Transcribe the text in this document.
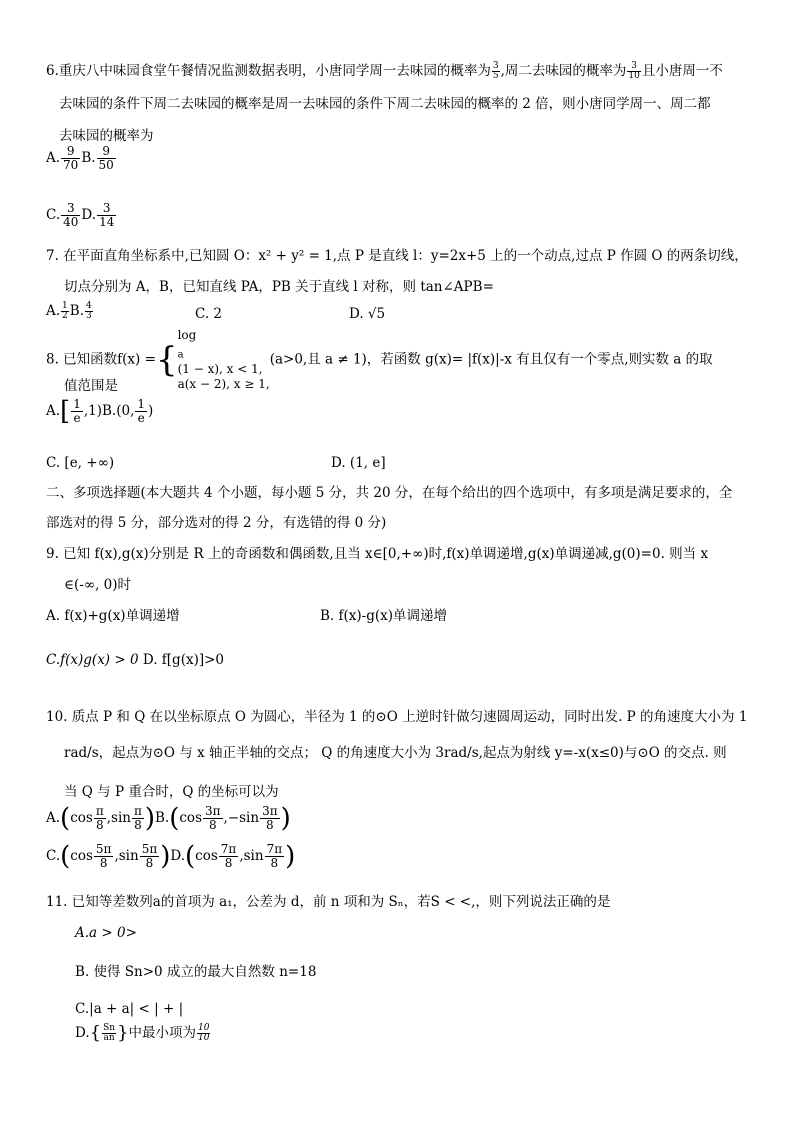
6.重庆八中味园食堂午餐情况监测数据表明，小唐同学周一去味园的概率为 $\frac{3}{5}$ ,周二去味园的概率为 $\frac{3}{10}$ 且小唐周一不
去味园的条件下周二去味园的概率是周一去味园的条件下周二去味园的概率的 2 倍，则小唐同学周一、周二都
去味园的概率为
A. $\frac{9}{70} B$. $\frac{9}{50}$
C. $\frac{3}{40} D$. $\frac{3}{14}$
7. 在平面直角坐标系中,已知圆 O：x² + y² = 1,点 P 是直线 l：y=2x+5 上的一个动点,过点 P 作圆 O 的两条切线，
切点分别为 A，B，已知直线 PA，PB 关于直线 l 对称，则 tan∠APB=
A. $\frac{1}{2} B$. $\frac{4}{3}$	C. 2	D. √5
8. 已知函数f(x) ={
log
$_a$
(1 − x), x < 1,
a(x − 2), x ≥ 1,
(a>0,且 a ≠ 1)，若函数 g(x)= |f(x)|-x 有且仅有一个零点,则实数 a 的取
值范围是
$A.[ \frac{1}{e} ,1)B.(0$, $\frac{1}{e}$ )
C. [e, +∞)	D. (1, e]
二、多项选择题(本大题共 4 个小题，每小题 5 分，共 20 分，在每个给出的四个选项中，有多项是满足要求的，全
部选对的得 5 分，部分选对的得 2 分，有选错的得 0 分)
9. 已知 f(x),g(x)分别是 R 上的奇函数和偶函数,且当 x∈[0,+∞)时,f(x)单调递增,g(x)单调递减,g(0)=0. 则当 x
∈(-∞, 0)时
A. f(x)+g(x)单调递增	B. f(x)-g(x)单调递增
C.f(x)g(x) > 0 D. f[g(x)]>0
10. 质点 P 和 Q 在以坐标原点 O 为圆心，半径为 1 的⊙O 上逆时针做匀速圆周运动，同时出发. P 的角速度大小为 1
rad/s，起点为⊙O 与 x 轴正半轴的交点； Q 的角速度大小为 3rad/s,起点为射线 y=-x(x≤0)与⊙O 的交点. 则
当 Q 与 P 重合时，Q 的坐标可以为
$A.(\cos \frac{\pi}{8} ,\sin \frac{\pi}{8} )B.(\cos \frac{3\pi}{8} ,-\sin \frac{3\pi}{8}$ )
$C.(\cos \frac{5\pi}{8} ,\sin \frac{5\pi}{8} )D.(\cos \frac{7\pi}{8} ,\sin \frac{7\pi}{8}$ )
11. 已知等差数列a的首项为 a₁，公差为 d，前 n 项和为 Sₙ，若S < <,，则下列说法正确的是
A.a > 0>
B. 使得 Sn>0 成立的最大自然数 n=18
C.|a + a| < | + |
$D.\{ \frac{Sn}{an}$ }中最小项为 $\frac{10}{10}$
